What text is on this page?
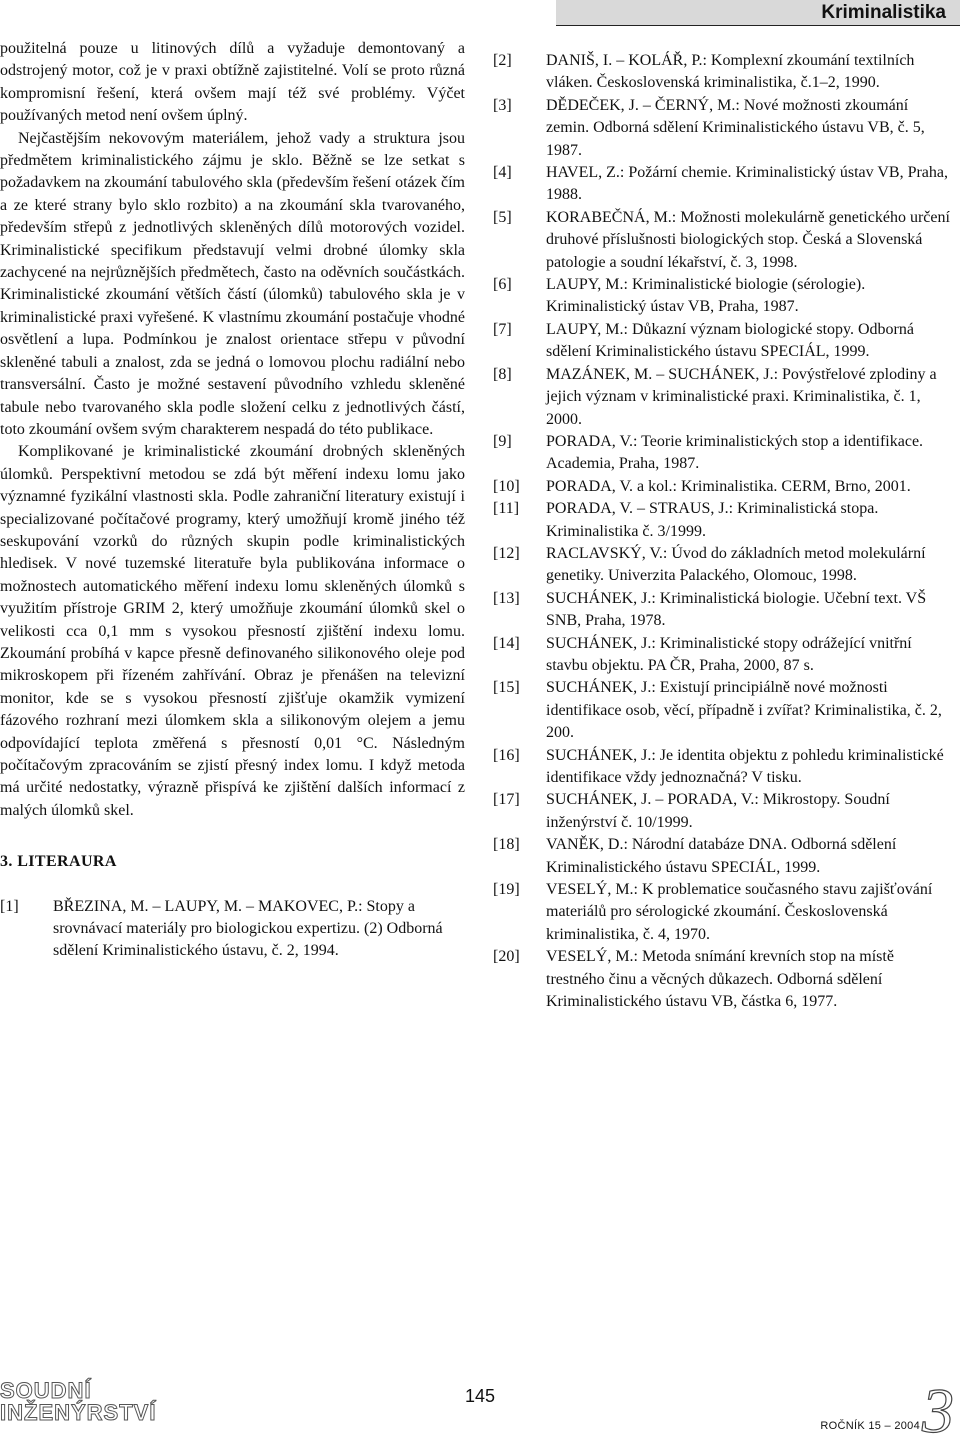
Kriminalistika

použitelná pouze u litinových dílů a vyžaduje demontovaný a odstrojený motor, což je v praxi obtížně zajistitelné. Volí se proto různá kompromisní řešení, která ovšem mají též své problémy. Výčet používaných metod není ovšem úplný.

Nejčastějším nekovovým materiálem, jehož vady a struktura jsou předmětem kriminalistického zájmu je sklo. Běžně se lze setkat s požadavkem na zkoumání tabulového skla (především řešení otázek čím a ze které strany bylo sklo rozbito) a na zkoumání skla tvarovaného, především střepů z jednotlivých skleněných dílů motorových vozidel. Kriminalistické specifikum představují velmi drobné úlomky skla zachycené na nejrůznějších předmětech, často na oděvních součástkách. Kriminalistické zkoumání větších částí (úlomků) tabulového skla je v kriminalistické praxi vyřešené. K vlastnímu zkoumání postačuje vhodné osvětlení a lupa. Podmínkou je znalost orientace střepu v původní skleněné tabuli a znalost, zda se jedná o lomovou plochu radiální nebo transversální. Často je možné sestavení původního vzhledu skleněné tabule nebo tvarovaného skla podle složení celku z jednotlivých částí, toto zkoumání ovšem svým charakterem nespadá do této publikace.

Komplikované je kriminalistické zkoumání drobných skleněných úlomků. Perspektivní metodou se zdá být měření indexu lomu jako významné fyzikální vlastnosti skla. Podle zahraniční literatury existují i specializované počítačové programy, který umožňují kromě jiného též seskupování vzorků do různých skupin podle kriminalistických hledisek. V nové tuzemské literatuře byla publikována informace o možnostech automatického měření indexu lomu skleněných úlomků s využitím přístroje GRIM 2, který umožňuje zkoumání úlomků skel o velikosti cca 0,1 mm s vysokou přesností zjištění indexu lomu. Zkoumání probíhá v kapce přesně definovaného silikonového oleje pod mikroskopem při řízeném zahřívání. Obraz je přenášen na televizní monitor, kde se s vysokou přesností zjišťuje okamžik vymizení fázového rozhraní mezi úlomkem skla a silikonovým olejem a jemu odpovídající teplota změřená s přesností 0,01 °C. Následným počítačovým zpracováním se zjistí přesný index lomu. I když metoda má určité nedostatky, výrazně přispívá ke zjištění dalších informací z malých úlomků skel.

3. LITERAURA
[1]	BŘEZINA, M. – LAUPY, M. – MAKOVEC, P.: Stopy a srovnávací materiály pro biologickou expertizu. (2) Odborná sdělení Kriminalistického ústavu, č. 2, 1994.
[2]	DANIŠ, I. – KOLÁŘ, P.: Komplexní zkoumání textilních vláken. Československá kriminalistika, č.1–2, 1990.
[3]	DĚDEČEK, J. – ČERNÝ, M.: Nové možnosti zkoumání zemin. Odborná sdělení Kriminalistického ústavu VB, č. 5, 1987.
[4]	HAVEL, Z.: Požární chemie. Kriminalistický ústav VB, Praha, 1988.
[5]	KORABEČNÁ, M.: Možnosti molekulárně genetického určení druhové příslušnosti biologických stop. Česká a Slovenská patologie a soudní lékařství, č. 3, 1998.
[6]	LAUPY, M.: Kriminalistické biologie (sérologie). Kriminalistický ústav VB, Praha, 1987.
[7]	LAUPY, M.: Důkazní význam biologické stopy. Odborná sdělení Kriminalistického ústavu SPECIÁL, 1999.
[8]	MAZÁNEK, M. – SUCHÁNEK, J.: Povýstřelové zplodiny a jejich význam v kriminalistické praxi. Kriminalistika, č. 1, 2000.
[9]	PORADA, V.: Teorie kriminalistických stop a identifikace. Academia, Praha, 1987.
[10]	PORADA, V. a kol.: Kriminalistika. CERM, Brno, 2001.
[11]	PORADA, V. – STRAUS, J.: Kriminalistická stopa. Kriminalistika č. 3/1999.
[12]	RACLAVSKÝ, V.: Úvod do základních metod molekulární genetiky. Univerzita Palackého, Olomouc, 1998.
[13]	SUCHÁNEK, J.: Kriminalistická biologie. Učební text. VŠ SNB, Praha, 1978.
[14]	SUCHÁNEK, J.: Kriminalistické stopy odrážející vnitřní stavbu objektu. PA ČR, Praha, 2000, 87 s.
[15]	SUCHÁNEK, J.: Existují principiálně nové možnosti identifikace osob, věcí, případně i zvířat? Kriminalistika, č. 2, 200.
[16]	SUCHÁNEK, J.: Je identita objektu z pohledu kriminalistické identifikace vždy jednoznačná? V tisku.
[17]	SUCHÁNEK, J. – PORADA, V.: Mikrostopy. Soudní inženýrství č. 10/1999.
[18]	VANĚK, D.: Národní databáze DNA. Odborná sdělení Kriminalistického ústavu SPECIÁL, 1999.
[19]	VESELÝ, M.: K problematice současného stavu zajišťování materiálů pro sérologické zkoumání. Československá kriminalistika, č. 4, 1970.
[20]	VESELÝ, M.: Metoda snímání krevních stop na místě trestného činu a věcných důkazech. Odborná sdělení Kriminalistického ústavu VB, částka 6, 1977.
145
SOUDNÍ
INŽENÝRSTVÍ
ROČNÍK 15 – 2004 3
